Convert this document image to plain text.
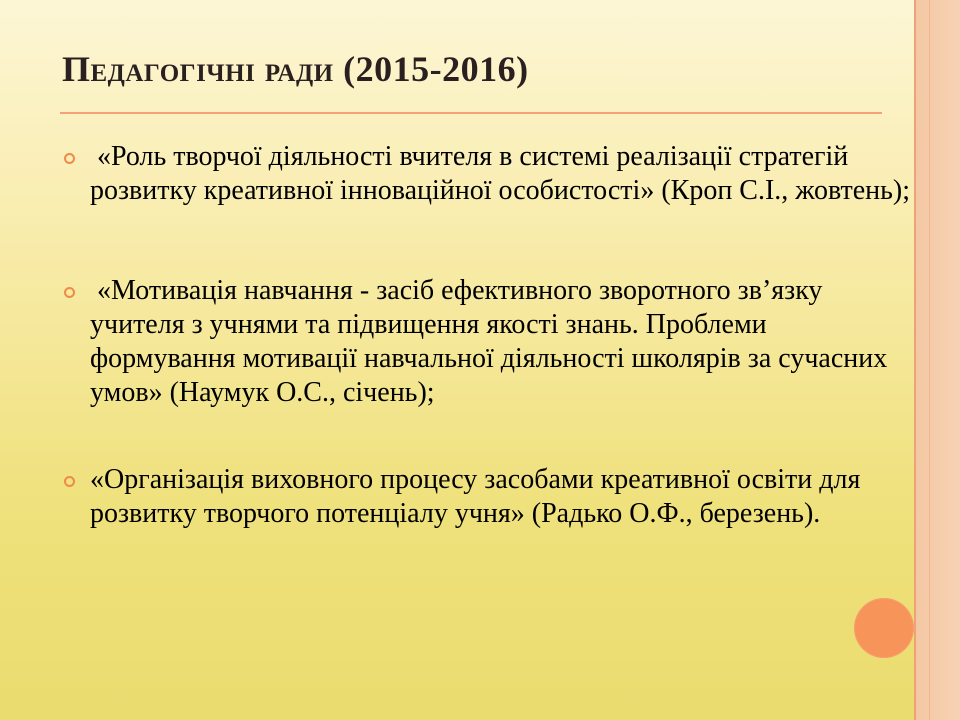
Педагогічні ради (2015-2016)
«Роль творчої діяльності вчителя в системі реалізації стратегій розвитку креативної інноваційної особистості» (Кроп С.І., жовтень);
«Мотивація навчання - засіб ефективного зворотного зв’язку  учителя з учнями та підвищення якості знань. Проблеми формування мотивації навчальної діяльності школярів за сучасних умов» (Наумук О.С., січень);
«Організація виховного процесу засобами креативної освіти для розвитку творчого потенціалу учня» (Радько О.Ф., березень).
